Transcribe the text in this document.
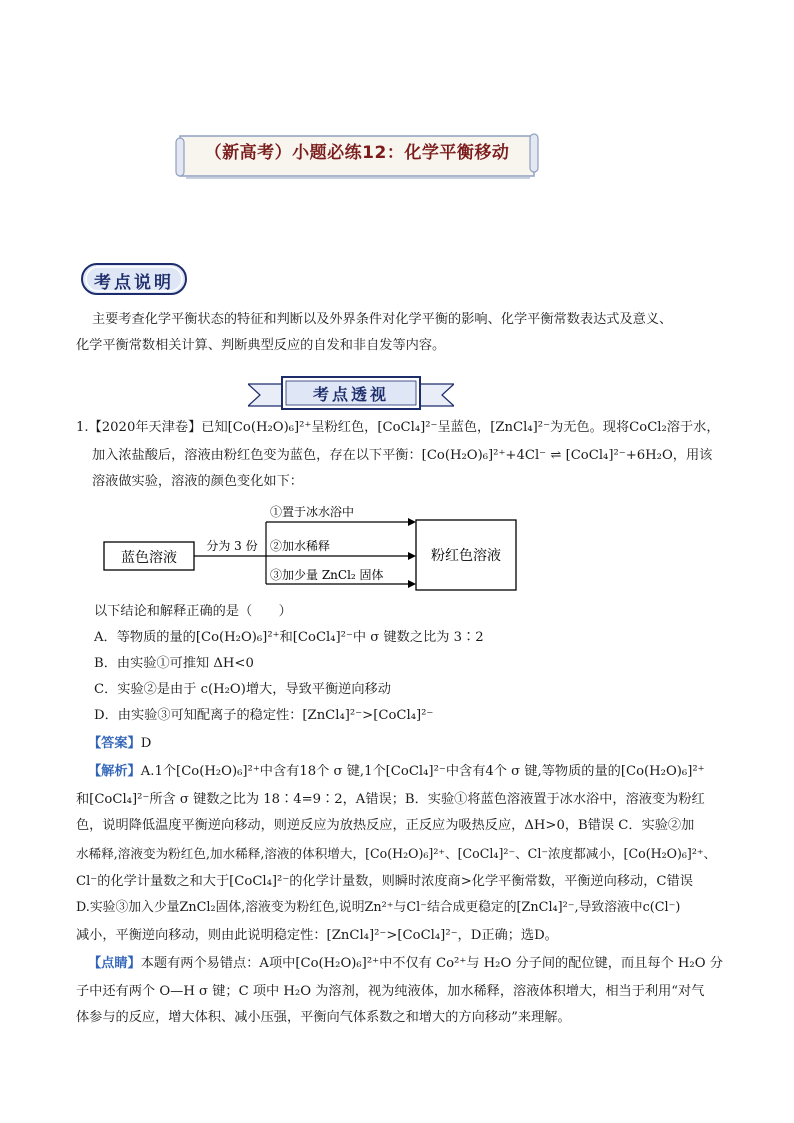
（新高考）小题必练12：化学平衡移动
考点说明
主要考查化学平衡状态的特征和判断以及外界条件对化学平衡的影响、化学平衡常数表达式及意义、
化学平衡常数相关计算、判断典型反应的自发和非自发等内容。
考点透视
1.【2020年天津卷】已知[Co(H₂O)₆]²⁺呈粉红色，[CoCl₄]²⁻呈蓝色，[ZnCl₄]²⁻为无色。现将CoCl₂溶于水，
加入浓盐酸后，溶液由粉红色变为蓝色，存在以下平衡：[Co(H₂O)₆]²⁺+4Cl⁻ ⇌ [CoCl₄]²⁻+6H₂O，用该
溶液做实验，溶液的颜色变化如下：
蓝色溶液
分为 3 份
①置于冰水浴中
②加水稀释
③加少量 ZnCl₂ 固体
粉红色溶液
以下结论和解释正确的是（　　）
A．等物质的量的[Co(H₂O)₆]²⁺和[CoCl₄]²⁻中 σ 键数之比为 3∶2
B．由实验①可推知 ΔH<0
C．实验②是由于 c(H₂O)增大，导致平衡逆向移动
D．由实验③可知配离子的稳定性：[ZnCl₄]²⁻>[CoCl₄]²⁻
【答案】D
【解析】A.1个[Co(H₂O)₆]²⁺中含有18个 σ 键,1个[CoCl₄]²⁻中含有4个 σ 键,等物质的量的[Co(H₂O)₆]²⁺
和[CoCl₄]²⁻所含 σ 键数之比为 18∶4=9∶2，A错误；B．实验①将蓝色溶液置于冰水浴中，溶液变为粉红
色，说明降低温度平衡逆向移动，则逆反应为放热反应，正反应为吸热反应，ΔH>0，B错误 C．实验②加
水稀释,溶液变为粉红色,加水稀释,溶液的体积增大，[Co(H₂O)₆]²⁺、[CoCl₄]²⁻、Cl⁻浓度都减小，[Co(H₂O)₆]²⁺、
Cl⁻的化学计量数之和大于[CoCl₄]²⁻的化学计量数，则瞬时浓度商>化学平衡常数，平衡逆向移动，C错误
D.实验③加入少量ZnCl₂固体,溶液变为粉红色,说明Zn²⁺与Cl⁻结合成更稳定的[ZnCl₄]²⁻,导致溶液中c(Cl⁻)
减小，平衡逆向移动，则由此说明稳定性：[ZnCl₄]²⁻>[CoCl₄]²⁻，D正确；选D。
【点睛】本题有两个易错点：A项中[Co(H₂O)₆]²⁺中不仅有 Co²⁺与 H₂O 分子间的配位键，而且每个 H₂O 分
子中还有两个 O—H σ 键；C 项中 H₂O 为溶剂，视为纯液体，加水稀释，溶液体积增大，相当于利用“对气
体参与的反应，增大体积、减小压强，平衡向气体系数之和增大的方向移动”来理解。
